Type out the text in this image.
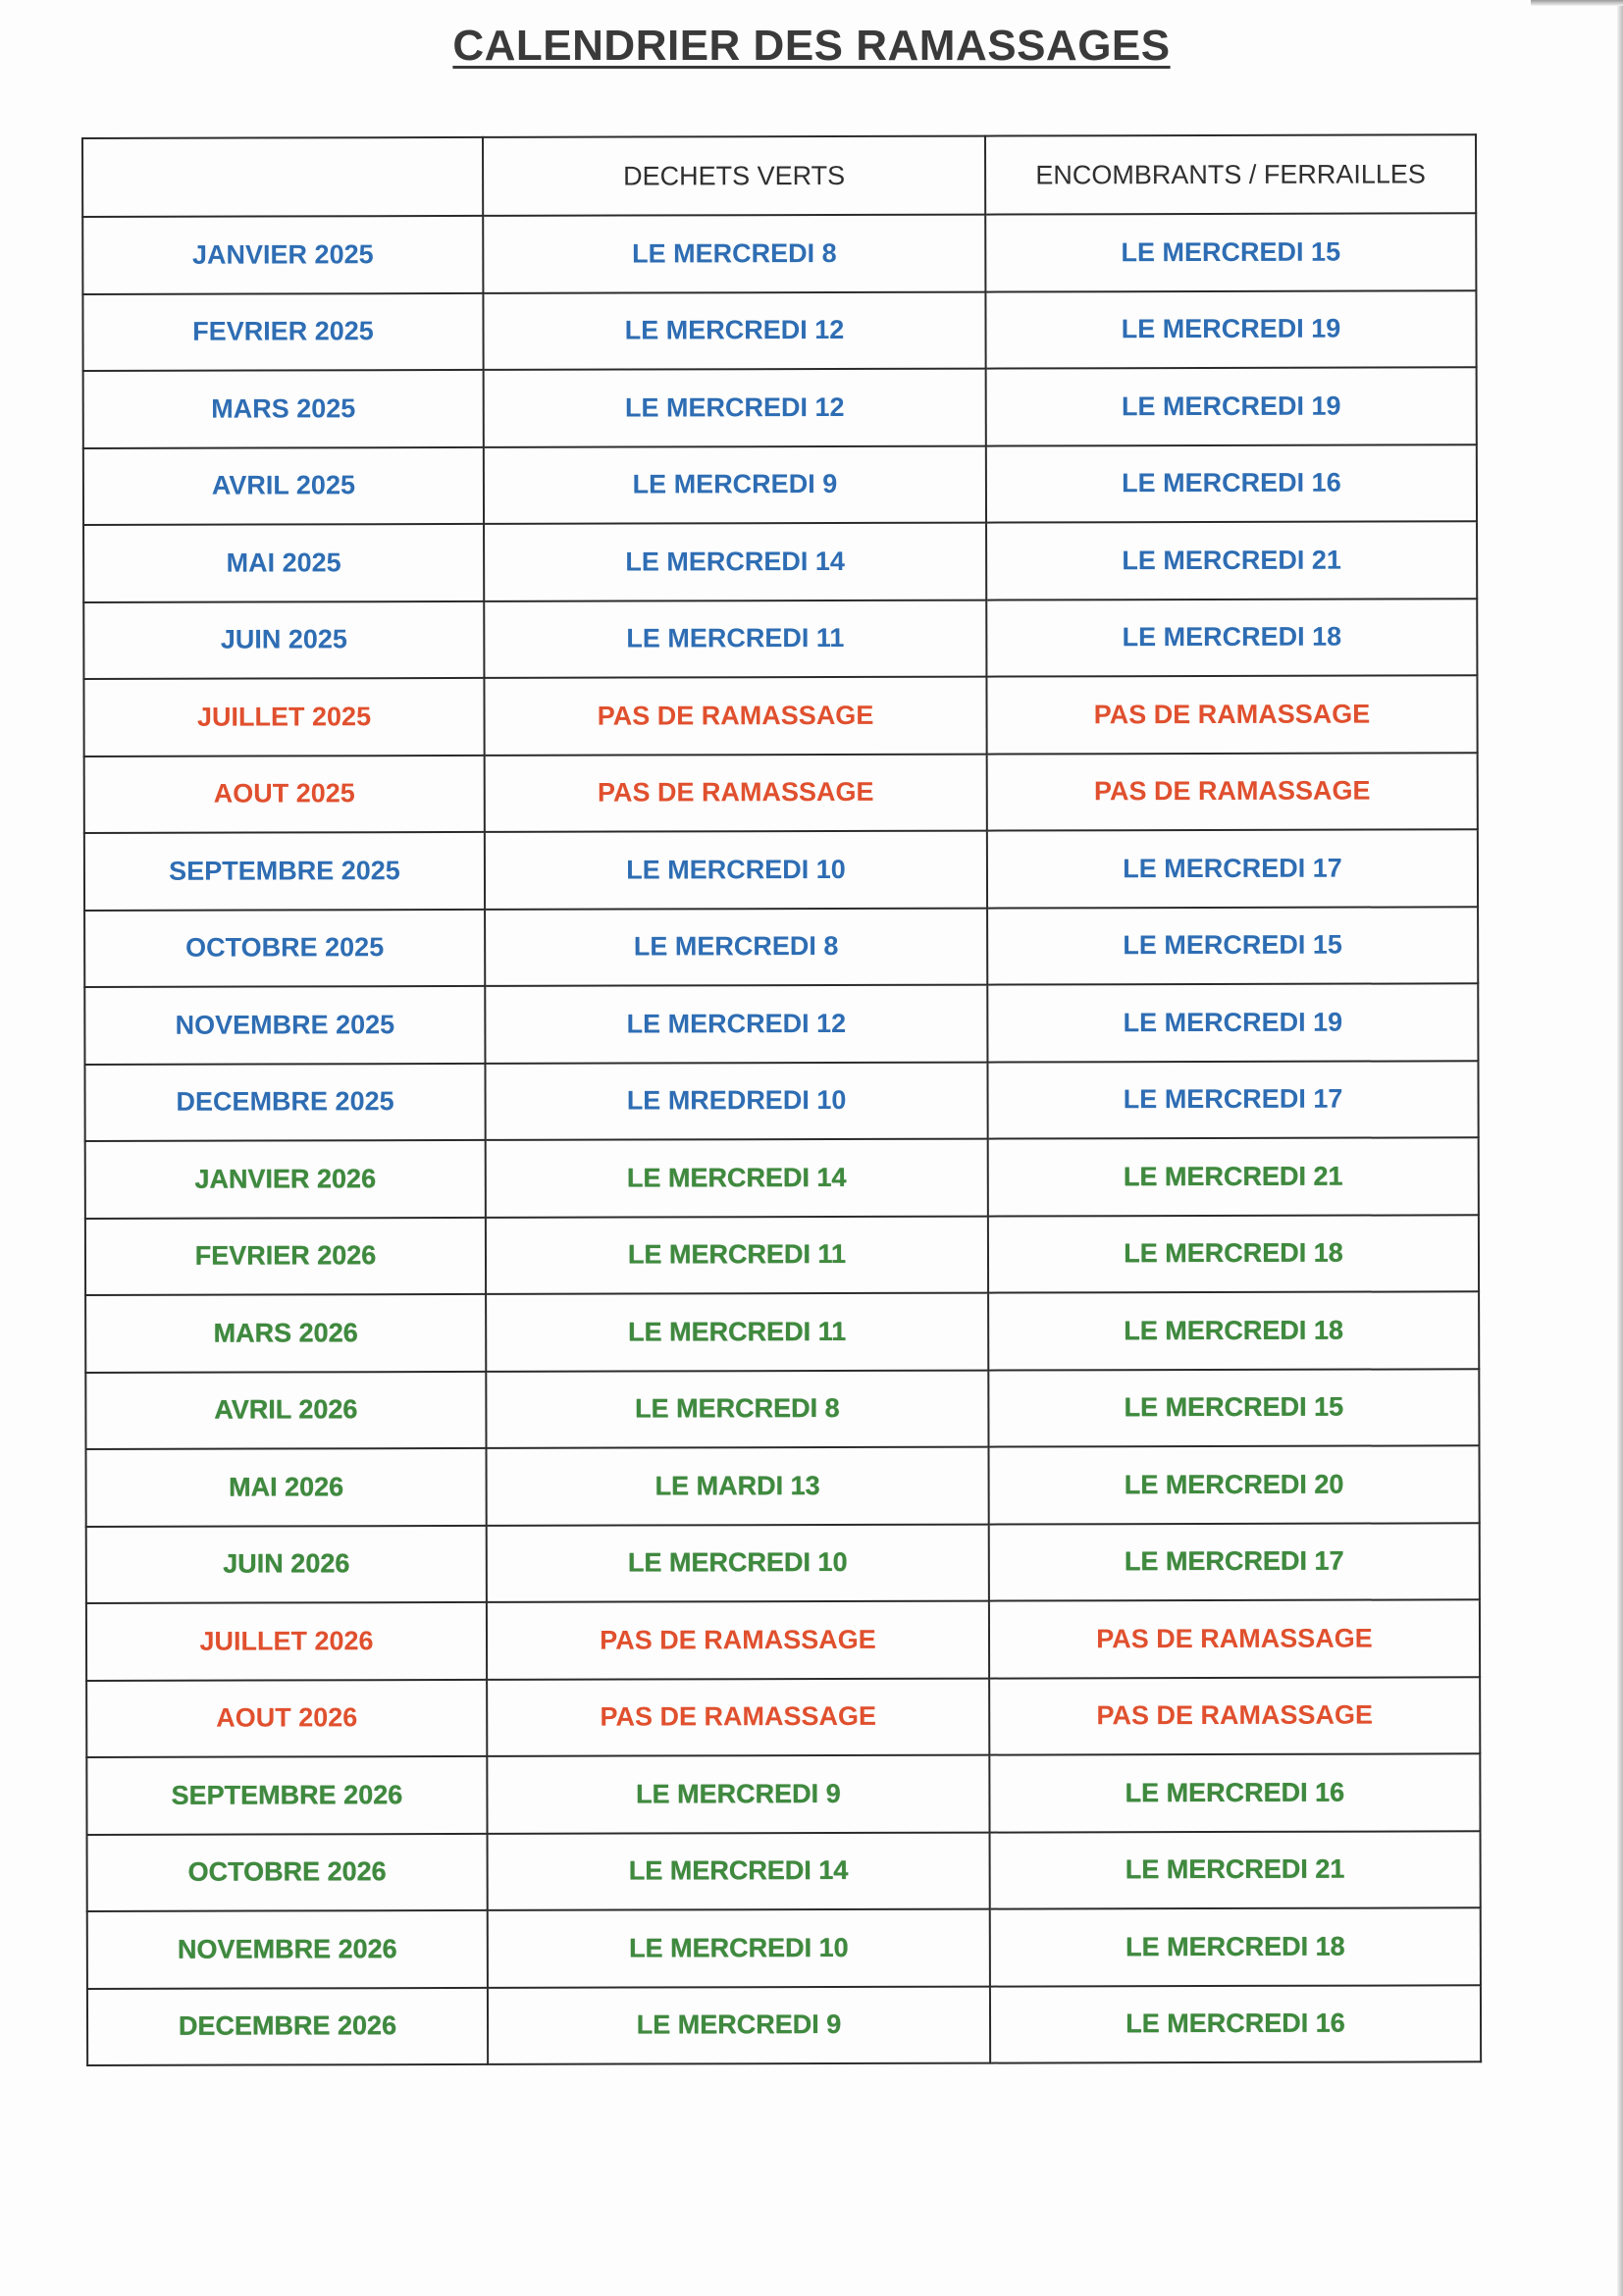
CALENDRIER DES RAMASSAGES
	DECHETS VERTS	ENCOMBRANTS / FERRAILLES
JANVIER 2025	LE MERCREDI 8	LE MERCREDI 15
FEVRIER 2025	LE MERCREDI 12	LE MERCREDI 19
MARS 2025	LE MERCREDI 12	LE MERCREDI 19
AVRIL 2025	LE MERCREDI 9	LE MERCREDI 16
MAI 2025	LE MERCREDI 14	LE MERCREDI 21
JUIN 2025	LE MERCREDI 11	LE MERCREDI 18
JUILLET 2025	PAS DE RAMASSAGE	PAS DE RAMASSAGE
AOUT 2025	PAS DE RAMASSAGE	PAS DE RAMASSAGE
SEPTEMBRE 2025	LE MERCREDI 10	LE MERCREDI 17
OCTOBRE 2025	LE MERCREDI 8	LE MERCREDI 15
NOVEMBRE 2025	LE MERCREDI 12	LE MERCREDI 19
DECEMBRE 2025	LE MREDREDI 10	LE MERCREDI 17
JANVIER 2026	LE MERCREDI 14	LE MERCREDI 21
FEVRIER 2026	LE MERCREDI 11	LE MERCREDI 18
MARS 2026	LE MERCREDI 11	LE MERCREDI 18
AVRIL 2026	LE MERCREDI 8	LE MERCREDI 15
MAI 2026	LE MARDI 13	LE MERCREDI 20
JUIN 2026	LE MERCREDI 10	LE MERCREDI 17
JUILLET 2026	PAS DE RAMASSAGE	PAS DE RAMASSAGE
AOUT 2026	PAS DE RAMASSAGE	PAS DE RAMASSAGE
SEPTEMBRE 2026	LE MERCREDI 9	LE MERCREDI 16
OCTOBRE 2026	LE MERCREDI 14	LE MERCREDI 21
NOVEMBRE 2026	LE MERCREDI 10	LE MERCREDI 18
DECEMBRE 2026	LE MERCREDI 9	LE MERCREDI 16
